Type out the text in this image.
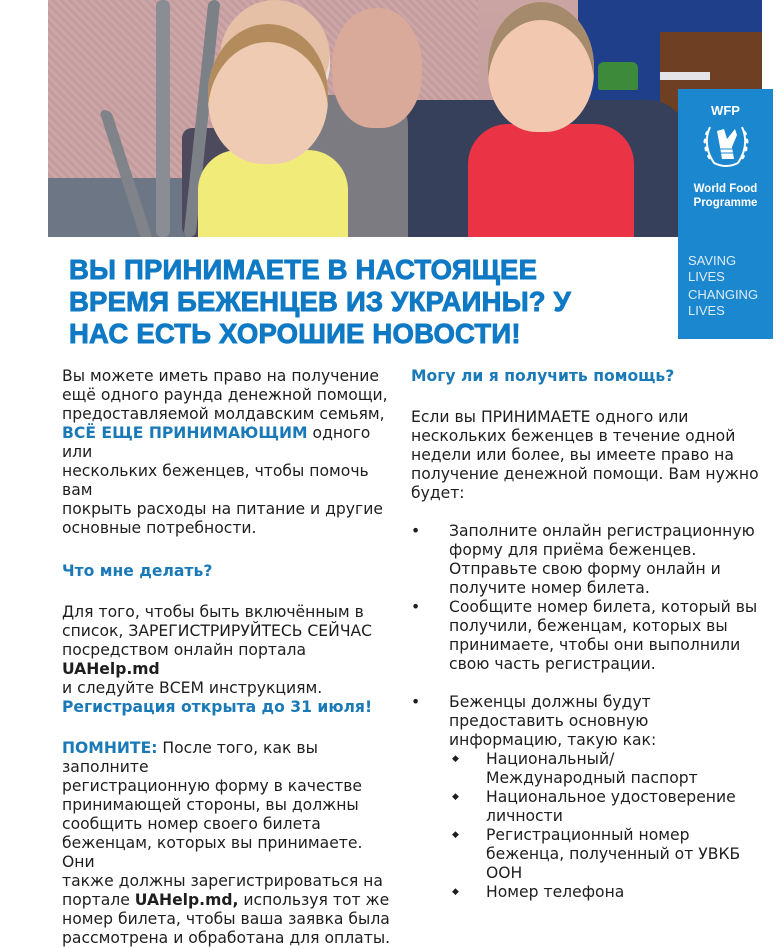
WFP
World Food
Programme
SAVING
LIVES
CHANGING
LIVES
ВЫ ПРИНИМАЕТЕ В НАСТОЯЩЕЕ
ВРЕМЯ БЕЖЕНЦЕВ ИЗ УКРАИНЫ? У
НАС ЕСТЬ ХОРОШИЕ НОВОСТИ!

Вы можете иметь право на получение

ещё одного раунда денежной помощи,

предоставляемой молдавским семьям,

ВСЁ ЕЩЕ ПРИНИМАЮЩИМ одного или

нескольких беженцев, чтобы помочь вам

покрыть расходы на питание и другие

основные потребности.

Что мне делать?

Для того, чтобы быть включённым в

список, ЗАРЕГИСТРИРУЙТЕСЬ СЕЙЧАС

посредством онлайн портала UAHelp.md

и следуйте ВСЕМ инструкциям.

Регистрация открыта до 31 июля!

ПОМНИТЕ: После того, как вы заполните

регистрационную форму в качестве

принимающей стороны, вы должны

сообщить номер своего билета

беженцам, которых вы принимаете. Они

также должны зарегистрироваться на

портале UAHelp.md, используя тот же

номер билета, чтобы ваша заявка была

рассмотрена и обработана для оплаты.

Могу ли я получить помощь?

Если вы ПРИНИМАЕТЕ одного или

нескольких беженцев в течение одной

недели или более, вы имеете право на

получение денежной помощи. Вам нужно

будет:

•	Заполните онлайн регистрационную

форму для приёма беженцев.

Отправьте свою форму онлайн и

получите номер билета.

•	Сообщите номер билета, который вы

получили, беженцам, которых вы

принимаете, чтобы они выполнили

свою часть регистрации.

•	Беженцы должны будут

предоставить основную

информацию, такую как:

◆ Национальный/

Международный паспорт

◆ Национальное удостоверение

личности

◆ Регистрационный номер

беженца, полученный от УВКБ

ООН

◆ Номер телефона
